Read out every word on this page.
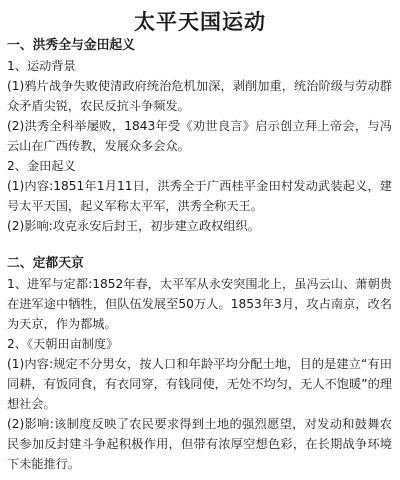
太平天国运动

一、洪秀全与金田起义

1、运动背景

(1)鸦片战争失败使清政府统治危机加深，剥削加重，统治阶级与劳动群众矛盾尖锐，农民反抗斗争频发。

(2)洪秀全科举屡败，1843年受《劝世良言》启示创立拜上帝会，与冯云山在广西传教，发展众多会众。

2、金田起义

(1)内容:1851年1月11日，洪秀全于广西桂平金田村发动武装起义，建号太平天国，起义军称太平军，洪秀全称天王。

(2)影响:攻克永安后封王，初步建立政权组织。

二、定都天京

1、进军与定都:1852年春，太平军从永安突围北上，虽冯云山、萧朝贵在进军途中牺牲，但队伍发展至50万人。1853年3月，攻占南京，改名为天京，作为都城。

2、《天朝田亩制度》

(1)内容:规定不分男女，按人口和年龄平均分配土地，目的是建立“有田同耕，有饭同食，有衣同穿，有钱同使，无处不均匀，无人不饱暖”的理想社会。

(2)影响:该制度反映了农民要求得到土地的强烈愿望，对发动和鼓舞农民参加反封建斗争起积极作用，但带有浓厚空想色彩，在长期战争环境下未能推行。
